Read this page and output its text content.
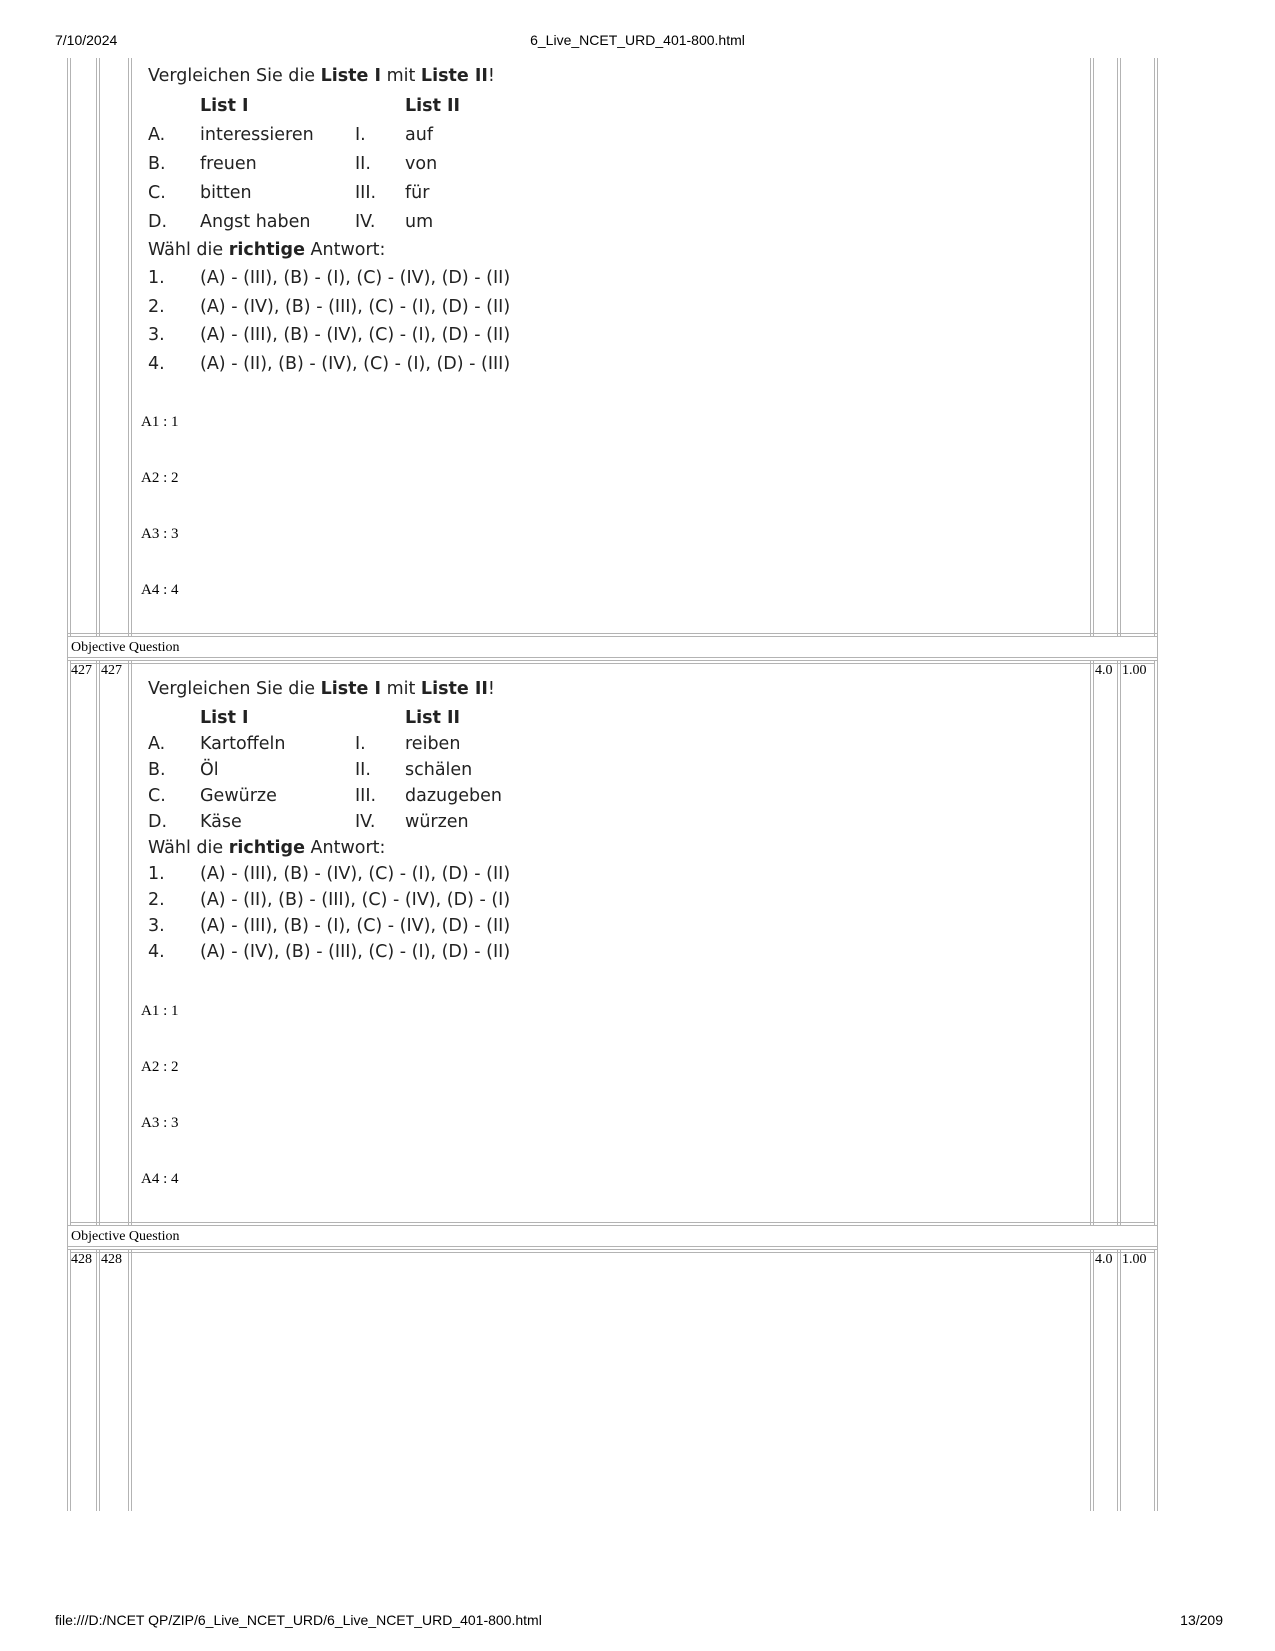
7/10/2024	6_Live_NCET_URD_401-800.html
Vergleichen Sie die Liste I mit Liste II!
List I	List II
A. interessieren I. auf
B. freuen	II. von
C. bitten	III. für
D. Angst haben	IV. um
Wähl die richtige Antwort:
1. (A) - (III), (B) - (I), (C) - (IV), (D) - (II)
2. (A) - (IV), (B) - (III), (C) - (I), (D) - (II)
3. (A) - (III), (B) - (IV), (C) - (I), (D) - (II)
4. (A) - (II), (B) - (IV), (C) - (I), (D) - (III)
A1 : 1
A2 : 2
A3 : 3
A4 : 4
Objective Question
427 427	4.0 1.00
Vergleichen Sie die Liste I mit Liste II!
List I	List II
A. Kartoffeln	I. reiben
B. Öl	II. schälen
C. Gewürze	III. dazugeben
D. Käse	IV. würzen
Wähl die richtige Antwort:
1. (A) - (III), (B) - (IV), (C) - (I), (D) - (II)
2. (A) - (II), (B) - (III), (C) - (IV), (D) - (I)
3. (A) - (III), (B) - (I), (C) - (IV), (D) - (II)
4. (A) - (IV), (B) - (III), (C) - (I), (D) - (II)
A1 : 1
A2 : 2
A3 : 3
A4 : 4
Objective Question
428 428	4.0 1.00
file:///D:/NCET QP/ZIP/6_Live_NCET_URD/6_Live_NCET_URD_401-800.html	13/209
